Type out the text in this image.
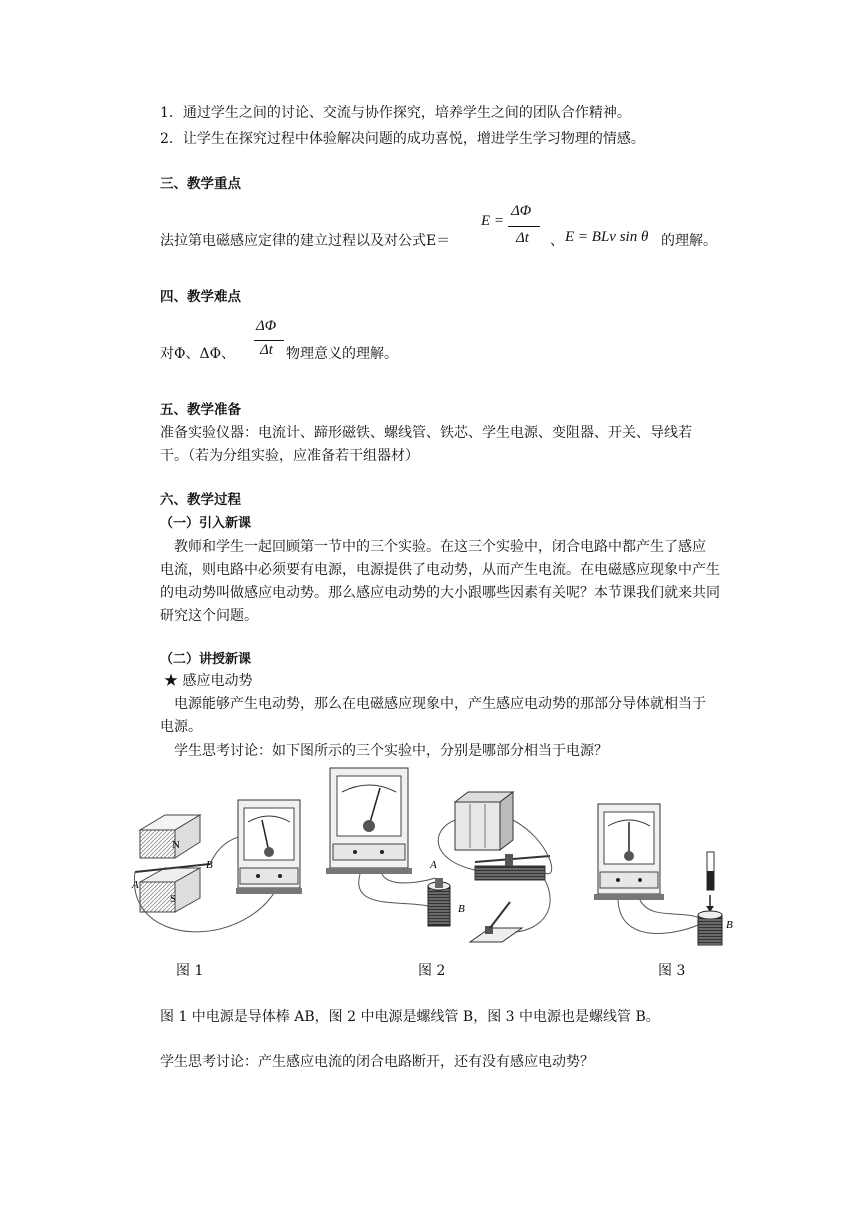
1．通过学生之间的讨论、交流与协作探究，培养学生之间的团队合作精神。
2．让学生在探究过程中体验解决问题的成功喜悦，增进学生学习物理的情感。
三、教学重点
法拉第电磁感应定律的建立过程以及对公式E＝
E =
ΔΦ
Δt 、 E = BLv sin θ 的理解。
四、教学难点
对Φ、ΔΦ、
ΔΦ
Δt 物理意义的理解。
五、教学准备
准备实验仪器：电流计、蹄形磁铁、螺线管、铁芯、学生电源、变阻器、开关、导线若
干。（若为分组实验，应准备若干组器材）
六、教学过程
（一）引入新课
教师和学生一起回顾第一节中的三个实验。在这三个实验中，闭合电路中都产生了感应
电流，则电路中必须要有电源，电源提供了电动势，从而产生电流。在电磁感应现象中产生
的电动势叫做感应电动势。那么感应电动势的大小跟哪些因素有关呢？本节课我们就来共同
研究这个问题。
（二）讲授新课
★ 感应电动势
电源能够产生电动势，那么在电磁感应现象中，产生感应电动势的那部分导体就相当于
电源。
学生思考讨论：如下图所示的三个实验中，分别是哪部分相当于电源？
N
S
A
B	A
B
B
图 1	图 2	图 3
图 1 中电源是导体棒 AB，图 2 中电源是螺线管 B，图 3 中电源也是螺线管 B。
学生思考讨论：产生感应电流的闭合电路断开，还有没有感应电动势？
